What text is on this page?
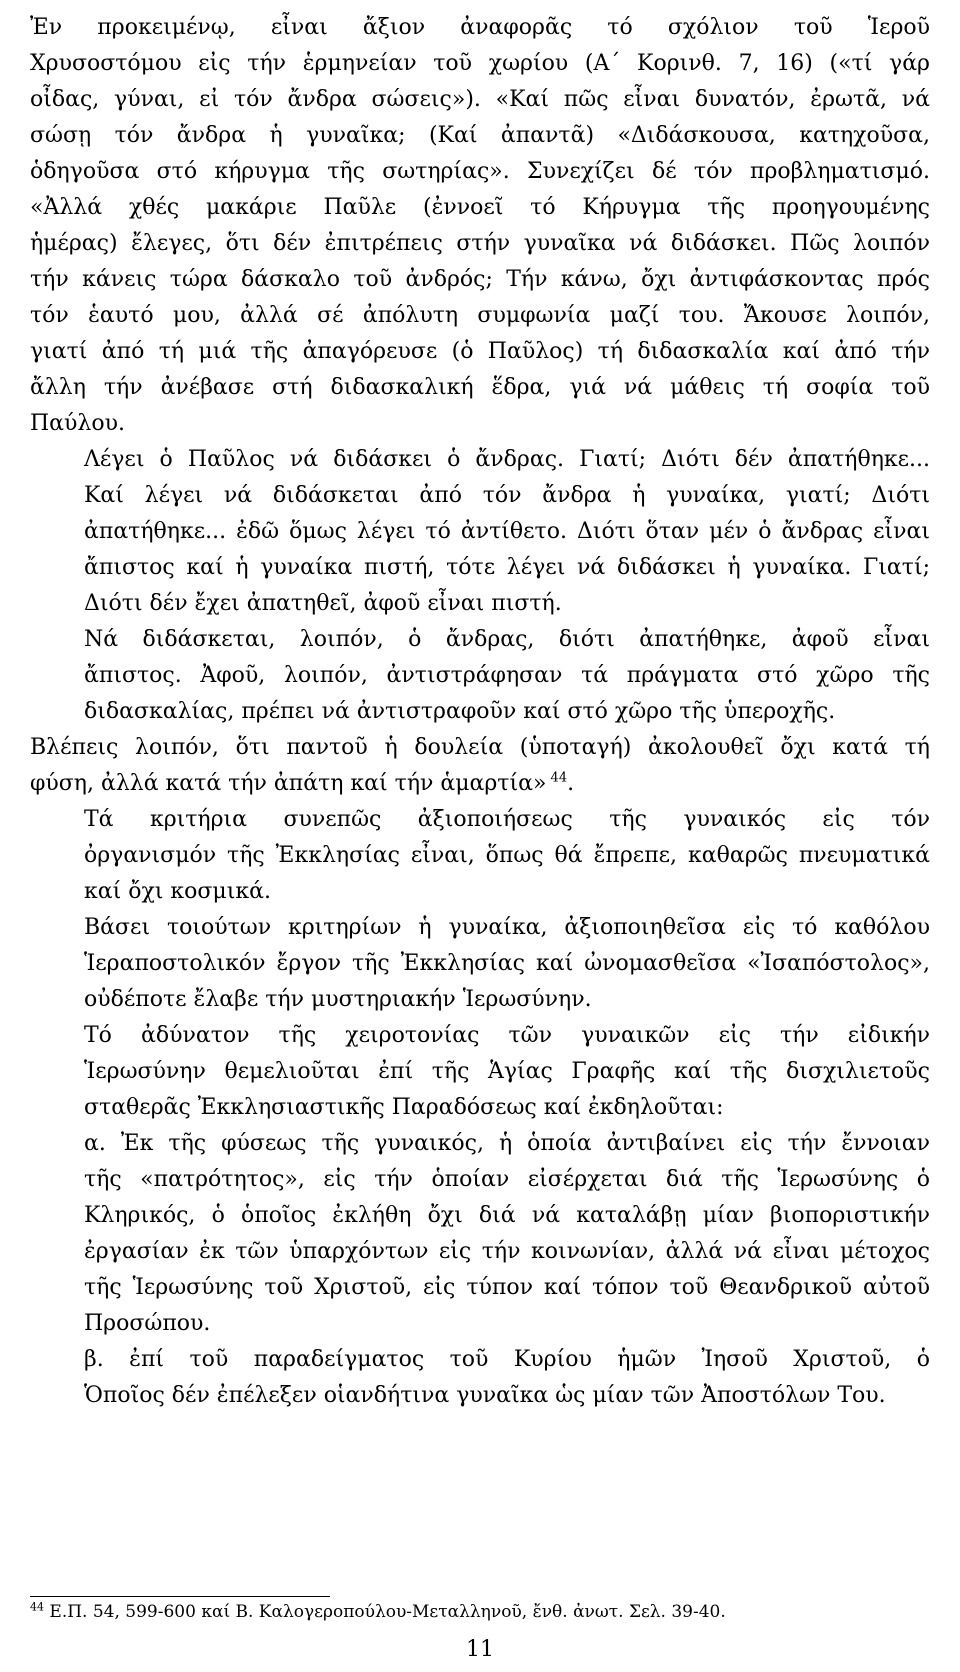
Ἐν προκειμένῳ, εἶναι ἄξιον ἀναφορᾶς τό σχόλιον τοῦ Ἱεροῦ
Χρυσοστόμου εἰς τήν ἑρμηνείαν τοῦ χωρίου (Α΄ Κορινθ. 7, 16) («τί γάρ
οἶδας, γύναι, εἰ τόν ἄνδρα σώσεις»). «Καί πῶς εἶναι δυνατόν, ἐρωτᾶ, νά
σώσῃ τόν ἄνδρα ἡ γυναῖκα; (Καί ἀπαντᾶ) «Διδάσκουσα, κατηχοῦσα,
ὁδηγοῦσα στό κήρυγμα τῆς σωτηρίας». Συνεχίζει δέ τόν προβληματισμό.
«Ἀλλά χθές μακάριε Παῦλε (ἐννοεῖ τό Κήρυγμα τῆς προηγουμένης
ἡμέρας) ἔλεγες, ὅτι δέν ἐπιτρέπεις στήν γυναῖκα νά διδάσκει. Πῶς λοιπόν
τήν κάνεις τώρα δάσκαλο τοῦ ἀνδρός; Τήν κάνω, ὄχι ἀντιφάσκοντας πρός
τόν ἑαυτό μου, ἀλλά σέ ἀπόλυτη συμφωνία μαζί του. Ἄκουσε λοιπόν,
γιατί ἀπό τή μιά τῆς ἀπαγόρευσε (ὁ Παῦλος) τή διδασκαλία καί ἀπό τήν
ἄλλη τήν ἀνέβασε στή διδασκαλική ἕδρα, γιά νά μάθεις τή σοφία τοῦ
Παύλου.

Λέγει ὁ Παῦλος νά διδάσκει ὁ ἄνδρας. Γιατί; Διότι δέν ἀπατήθηκε...
Καί λέγει νά διδάσκεται ἀπό τόν ἄνδρα ἡ γυναίκα, γιατί; Διότι
ἀπατήθηκε... ἐδῶ ὅμως λέγει τό ἀντίθετο. Διότι ὅταν μέν ὁ ἄνδρας εἶναι
ἄπιστος καί ἡ γυναίκα πιστή, τότε λέγει νά διδάσκει ἡ γυναίκα. Γιατί;
Διότι δέν ἔχει ἀπατηθεῖ, ἀφοῦ εἶναι πιστή.

Νά διδάσκεται, λοιπόν, ὁ ἄνδρας, διότι ἀπατήθηκε, ἀφοῦ εἶναι
ἄπιστος. Ἀφοῦ, λοιπόν, ἀντιστράφησαν τά πράγματα στό χῶρο τῆς
διδασκαλίας, πρέπει νά ἀντιστραφοῦν καί στό χῶρο τῆς ὑπεροχῆς.

Βλέπεις λοιπόν, ὅτι παντοῦ ἡ δουλεία (ὑποταγή) ἀκολουθεῖ ὄχι κατά τή
φύση, ἀλλά κατά τήν ἀπάτη καί τήν ἁμαρτία» $^{44}$.

Τά κριτήρια συνεπῶς ἀξιοποιήσεως τῆς γυναικός εἰς τόν
ὀργανισμόν τῆς Ἐκκλησίας εἶναι, ὅπως θά ἔπρεπε, καθαρῶς πνευματικά
καί ὄχι κοσμικά.

Βάσει τοιούτων κριτηρίων ἡ γυναίκα, ἀξιοποιηθεῖσα εἰς τό καθόλου
Ἱεραποστολικόν ἔργον τῆς Ἐκκλησίας καί ὠνομασθεῖσα «Ἰσαπόστολος»,
οὐδέποτε ἔλαβε τήν μυστηριακήν Ἱερωσύνην.

Τό ἀδύνατον τῆς χειροτονίας τῶν γυναικῶν εἰς τήν εἰδικήν
Ἱερωσύνην θεμελιοῦται ἐπί τῆς Ἁγίας Γραφῆς καί τῆς δισχιλιετοῦς
σταθερᾶς Ἐκκλησιαστικῆς Παραδόσεως καί ἐκδηλοῦται:

α. Ἐκ τῆς φύσεως τῆς γυναικός, ἡ ὁποία ἀντιβαίνει εἰς τήν ἔννοιαν
τῆς «πατρότητος», εἰς τήν ὁποίαν εἰσέρχεται διά τῆς Ἱερωσύνης ὁ
Κληρικός, ὁ ὁποῖος ἐκλήθη ὄχι διά νά καταλάβῃ μίαν βιοποριστικήν
ἐργασίαν ἐκ τῶν ὑπαρχόντων εἰς τήν κοινωνίαν, ἀλλά νά εἶναι μέτοχος
τῆς Ἱερωσύνης τοῦ Χριστοῦ, εἰς τύπον καί τόπον τοῦ Θεανδρικοῦ αὐτοῦ
Προσώπου.

β. ἐπί τοῦ παραδείγματος τοῦ Κυρίου ἡμῶν Ἰησοῦ Χριστοῦ, ὁ
Ὁποῖος δέν ἐπέλεξεν οἱανδήτινα γυναῖκα ὡς μίαν τῶν Ἀποστόλων Του.

$^{44}$ Ε.Π. 54, 599-600 καί Β. Καλογεροπούλου-Μεταλληνοῦ, ἔνθ. ἀνωτ. Σελ. 39-40.
11
